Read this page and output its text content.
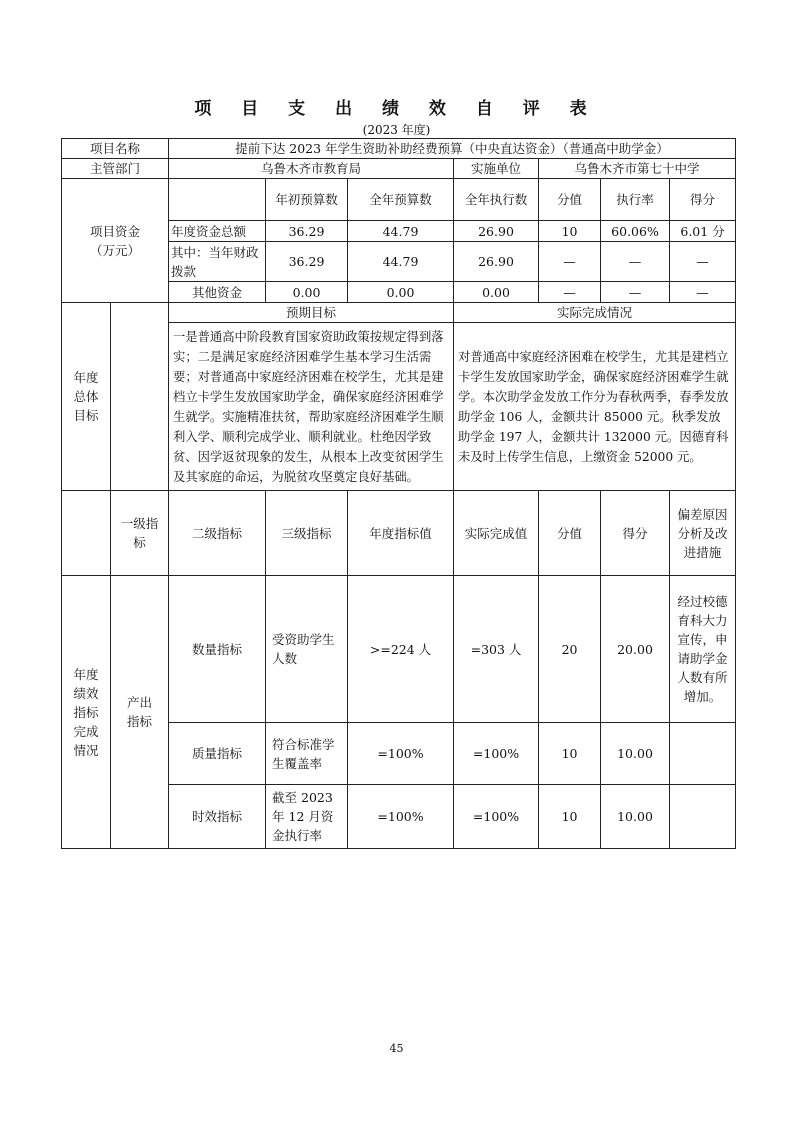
项 目 支 出 绩 效 自 评 表
(2023 年度)
项目名称		提前下达 2023 年学生资助补助经费预算（中央直达资金）（普通高中助学金）						
主管部门		乌鲁木齐市教育局			实施单位	乌鲁木齐市第七十中学		
项目资金
（万元）			年初预算数	全年预算数	全年执行数	分值	执行率	得分
		年度资金总额	36.29	44.79	26.90	10	60.06%	6.01 分
		其中：当年财政拨款	36.29	44.79	26.90	—	—	—
		其他资金	0.00	0.00	0.00	—	—	—
年度总体目标		预期目标			实际完成情况			
		一是普通高中阶段教育国家资助政策按规定得到落实；二是满足家庭经济困难学生基本学习生活需要；对普通高中家庭经济困难在校学生，尤其是建档立卡学生发放国家助学金，确保家庭经济困难学生就学。实施精准扶贫，帮助家庭经济困难学生顺利入学、顺利完成学业、顺利就业。杜绝因学致贫、因学返贫现象的发生，从根本上改变贫困学生及其家庭的命运，为脱贫攻坚奠定良好基础。			对普通高中家庭经济困难在校学生，尤其是建档立卡学生发放国家助学金，确保家庭经济困难学生就学。本次助学金发放工作分为春秋两季，春季发放助学金 106 人，金额共计 85000 元。秋季发放助学金 197 人，金额共计 132000 元。因德育科未及时上传学生信息，上缴资金 52000 元。			
	一级指标	二级指标	三级指标	年度指标值	实际完成值	分值	得分	偏差原因分析及改进措施
年度绩效指标完成情况	产出指标	数量指标	受资助学生人数	>=224 人	=303 人	20	20.00	经过校德育科大力宣传，申请助学金人数有所增加。
		质量指标	符合标准学生覆盖率	=100%	=100%	10	10.00	
		时效指标	截至 2023 年 12 月资金执行率	=100%	=100%	10	10.00	
45
